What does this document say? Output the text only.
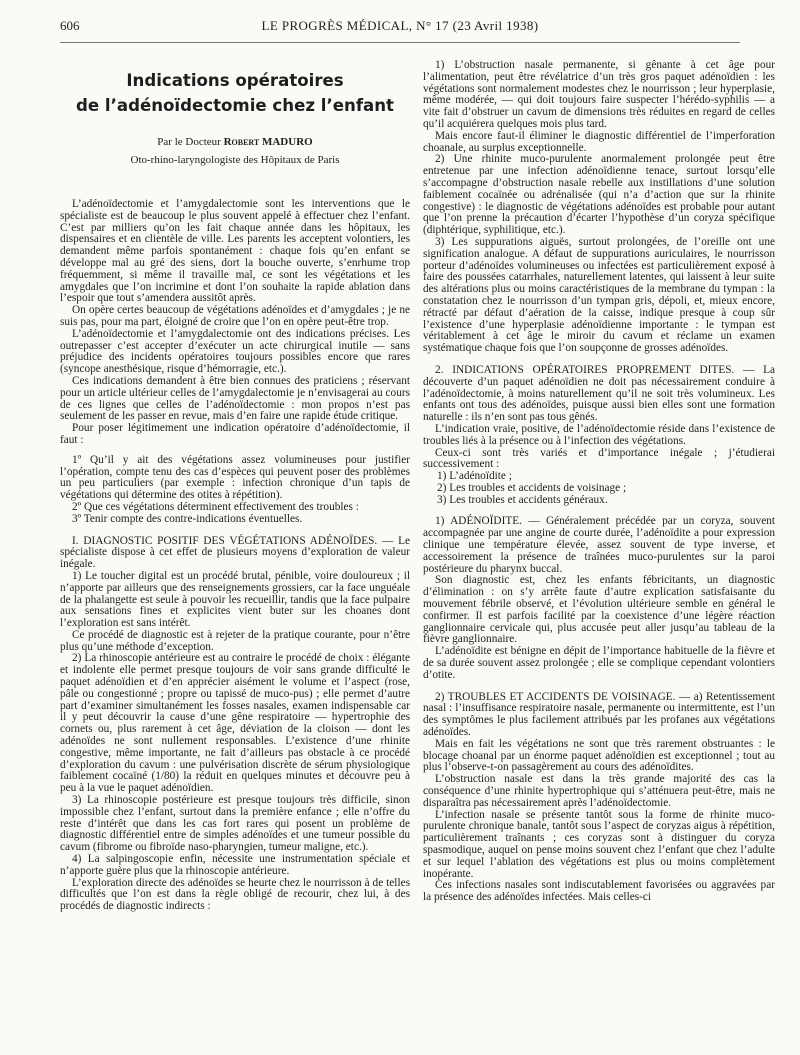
606	LE PROGRÈS MÉDICAL, N° 17 (23 Avril 1938)
Indications opératoires
de l’adénoïdectomie chez l’enfant
Par le Docteur Robert MADURO
Oto-rhino-laryngologiste des Hôpitaux de Paris

L’adénoïdectomie et l’amygdalectomie sont les interventions que le spécialiste est de beaucoup le plus souvent appelé à effectuer chez l’enfant. C’est par milliers qu’on les fait chaque année dans les hôpitaux, les dispensaires et en clientèle de ville. Les parents les acceptent volontiers, les demandent même parfois spontanément : chaque fois qu’en enfant se développe mal au gré des siens, dort la bouche ouverte, s’enrhume trop fréquemment, si même il travaille mal, ce sont les végétations et les amygdales que l’on incrimine et dont l’on souhaite la rapide ablation dans l’espoir que tout s’amendera aussitôt après.

On opère certes beaucoup de végétations adénoïdes et d’amygdales ; je ne suis pas, pour ma part, éloigné de croire que l’on en opère peut-être trop.

L’adénoïdectomie et l’amygdalectomie ont des indications précises. Les outrepasser c’est accepter d’exécuter un acte chirurgical inutile — sans préjudice des incidents opératoires toujours possibles encore que rares (syncope anesthésique, risque d’hémorragie, etc.).

Ces indications demandent à être bien connues des praticiens ; réservant pour un article ultérieur celles de l’amygdalectomie je n’envisagerai au cours de ces lignes que celles de l’adénoïdectomie : mon propos n’est pas seulement de les passer en revue, mais d’en faire une rapide étude critique.

Pour poser légitimement une indication opératoire d’adénoïdectomie, il faut :

1º Qu’il y ait des végétations assez volumineuses pour justifier l’opération, compte tenu des cas d’espèces qui peuvent poser des problèmes un peu particuliers (par exemple : infection chronique d’un tapis de végétations qui détermine des otites à répétition).

2º Que ces végétations déterminent effectivement des troubles :

3º Tenir compte des contre-indications éventuelles.

I. DIAGNOSTIC POSITIF DES VÉGÉTATIONS ADÉNOÏDES. — Le spécialiste dispose à cet effet de plusieurs moyens d’exploration de valeur inégale.

1) Le toucher digital est un procédé brutal, pénible, voire douloureux ; il n’apporte par ailleurs que des renseignements grossiers, car la face unguéale de la phalangette est seule à pouvoir les recueillir, tandis que la face pulpaire aux sensations fines et explicites vient buter sur les choanes dont l’exploration est sans intérêt.

Ce procédé de diagnostic est à rejeter de la pratique courante, pour n’être plus qu’une méthode d’exception.

2) La rhinoscopie antérieure est au contraire le procédé de choix : élégante et indolente elle permet presque toujours de voir sans grande difficulté le paquet adénoïdien et d’en apprécier aisément le volume et l’aspect (rose, pâle ou congestionné ; propre ou tapissé de muco-pus) ; elle permet d’autre part d’examiner simultanément les fosses nasales, examen indispensable car il y peut découvrir la cause d’une gêne respiratoire — hypertrophie des cornets ou, plus rarement à cet âge, déviation de la cloison — dont les adénoïdes ne sont nullement responsables. L’existence d’une rhinite congestive, même importante, ne fait d’ailleurs pas obstacle à ce procédé d’exploration du cavum : une pulvérisation discrète de sérum physiologique faiblement cocaïné (1/80) la réduit en quelques minutes et découvre peu à peu à la vue le paquet adénoïdien.

3) La rhinoscopie postérieure est presque toujours très difficile, sinon impossible chez l’enfant, surtout dans la première enfance ; elle n’offre du reste d’intérêt que dans les cas fort rares qui posent un problème de diagnostic différentiel entre de simples adénoïdes et une tumeur possible du cavum (fibrome ou fibroïde naso-pharyngien, tumeur maligne, etc.).

4) La salpingoscopie enfin, nécessite une instrumentation spéciale et n’apporte guère plus que la rhinoscopie antérieure.

L’exploration directe des adénoïdes se heurte chez le nourrisson à de telles difficultés que l’on est dans la règle obligé de recourir, chez lui, à des procédés de diagnostic indirects :

1) L’obstruction nasale permanente, si gênante à cet âge pour l’alimentation, peut être révélatrice d’un très gros paquet adénoïdien : les végétations sont normalement modestes chez le nourrisson ; leur hyperplasie, même modérée, — qui doit toujours faire suspecter l’hérédo-syphilis — a vite fait d’obstruer un cavum de dimensions très réduites en regard de celles qu’il acquiérera quelques mois plus tard.

Mais encore faut-il éliminer le diagnostic différentiel de l’imperforation choanale, au surplus exceptionnelle.

2) Une rhinite muco-purulente anormalement prolongée peut être entretenue par une infection adénoïdienne tenace, surtout lorsqu’elle s’accompagne d’obstruction nasale rebelle aux instillations d’une solution faiblement cocaïnée ou adrénalisée (qui n’a d’action que sur la rhinite congestive) : le diagnostic de végétations adénoïdes est probable pour autant que l’on prenne la précaution d’écarter l’hypothèse d’un coryza spécifique (diphtérique, syphilitique, etc.).

3) Les suppurations aiguës, surtout prolongées, de l’oreille ont une signification analogue. A défaut de suppurations auriculaires, le nourrisson porteur d’adénoïdes volumineuses ou infectées est particulièrement exposé à faire des poussées catarrhales, naturellement latentes, qui laissent à leur suite des altérations plus ou moins caractéristiques de la membrane du tympan : la constatation chez le nourrisson d’un tympan gris, dépoli, et, mieux encore, rétracté par défaut d’aération de la caisse, indique presque à coup sûr l’existence d’une hyperplasie adénoïdienne importante : le tympan est véritablement à cet âge le miroir du cavum et réclame un examen systématique chaque fois que l’on soupçonne de grosses adénoïdes.

2. INDICATIONS OPÉRATOIRES PROPREMENT DITES. — La découverte d’un paquet adénoïdien ne doit pas nécessairement conduire à l’adénoïdectomie, à moins naturellement qu’il ne soit très volumineux. Les enfants ont tous des adénoïdes, puisque aussi bien elles sont une formation naturelle : ils n’en sont pas tous gênés.

L’indication vraie, positive, de l’adénoïdectomie réside dans l’existence de troubles liés à la présence ou à l’infection des végétations.

Ceux-ci sont très variés et d’importance inégale ; j’étudierai successivement :

1) L’adénoïdite ;

2) Les troubles et accidents de voisinage ;

3) Les troubles et accidents généraux.

1) ADÉNOÏDITE. — Généralement précédée par un coryza, souvent accompagnée par une angine de courte durée, l’adénoïdite a pour expression clinique une température élevée, assez souvent de type inverse, et accessoirement la présence de traînées muco-purulentes sur la paroi postérieure du pharynx buccal.

Son diagnostic est, chez les enfants fébricitants, un diagnostic d’élimination : on s’y arrête faute d’autre explication satisfaisante du mouvement fébrile observé, et l’évolution ultérieure semble en général le confirmer. Il est parfois facilité par la coexistence d’une légère réaction ganglionnaire cervicale qui, plus accusée peut aller jusqu’au tableau de la fièvre ganglionnaire.

L’adénoïdite est bénigne en dépit de l’importance habituelle de la fièvre et de sa durée souvent assez prolongée ; elle se complique cependant volontiers d’otite.

2) TROUBLES ET ACCIDENTS DE VOISINAGE. — a) Retentissement nasal : l’insuffisance respiratoire nasale, permanente ou intermittente, est l’un des symptômes le plus facilement attribués par les profanes aux végétations adénoïdes.

Mais en fait les végétations ne sont que très rarement obstruantes : le blocage choanal par un énorme paquet adénoïdien est exceptionnel ; tout au plus l’observe-t-on passagèrement au cours des adénoïdites.

L’obstruction nasale est dans la très grande majorité des cas la conséquence d’une rhinite hypertrophique qui s’atténuera peut-être, mais ne disparaîtra pas nécessairement après l’adénoïdectomie.

L’infection nasale se présente tantôt sous la forme de rhinite muco-purulente chronique banale, tantôt sous l’aspect de coryzas aigus à répétition, particulièrement traînants ; ces coryzas sont à distinguer du coryza spasmodique, auquel on pense moins souvent chez l’enfant que chez l’adulte et sur lequel l’ablation des végétations est plus ou moins complètement inopérante.

Ces infections nasales sont indiscutablement favorisées ou aggravées par la présence des adénoïdes infectées. Mais celles-ci
